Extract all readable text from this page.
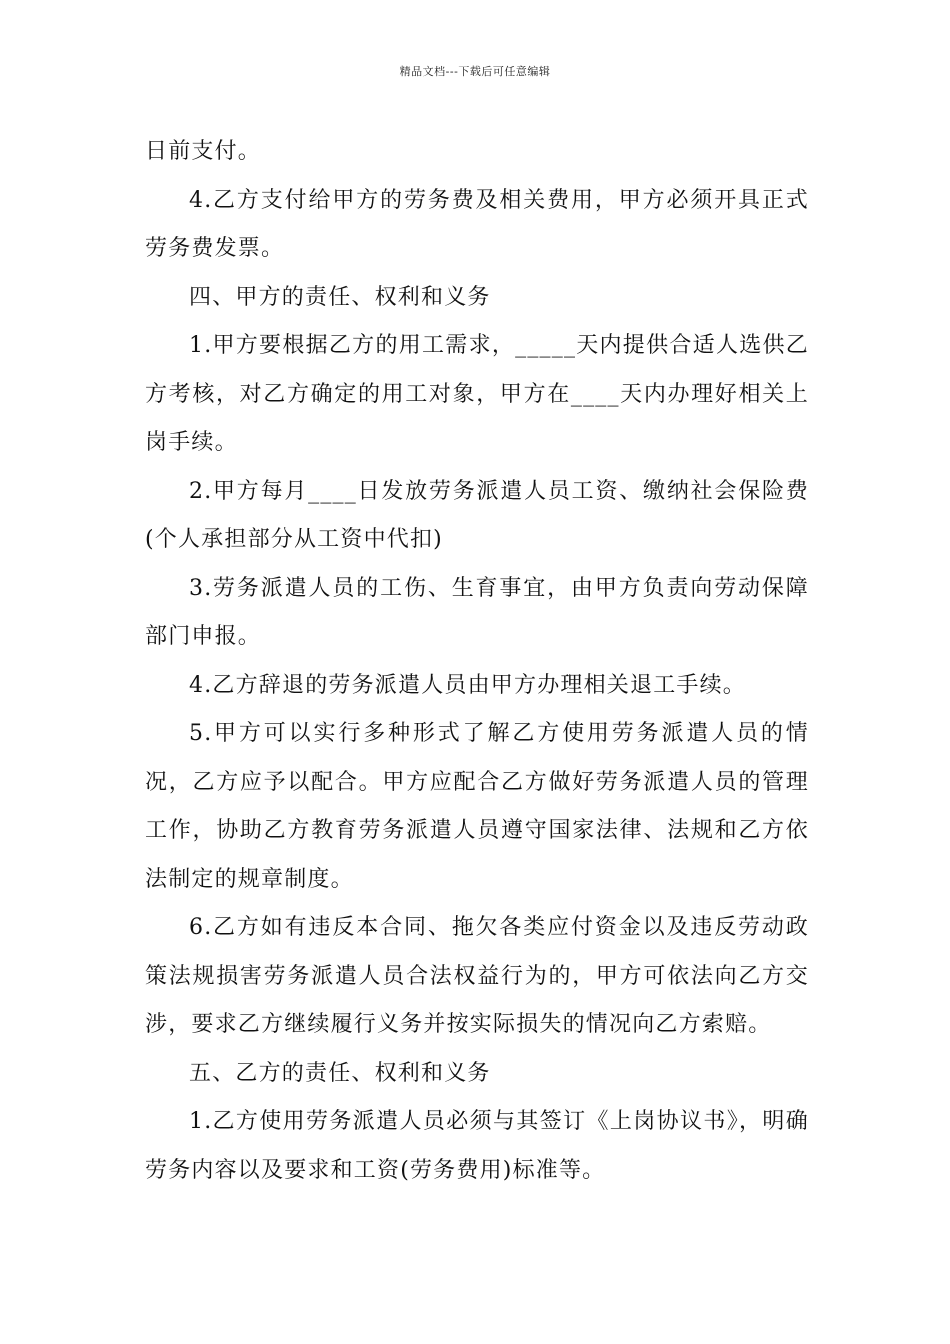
精品文档---下载后可任意编辑

日前支付。

4.乙方支付给甲方的劳务费及相关费用，甲方必须开具正式劳务费发票。

四、甲方的责任、权利和义务

1.甲方要根据乙方的用工需求，_____天内提供合适人选供乙方考核，对乙方确定的用工对象，甲方在____天内办理好相关上岗手续。

2.甲方每月____日发放劳务派遣人员工资、缴纳社会保险费(个人承担部分从工资中代扣)

3.劳务派遣人员的工伤、生育事宜，由甲方负责向劳动保障部门申报。

4.乙方辞退的劳务派遣人员由甲方办理相关退工手续。

5.甲方可以实行多种形式了解乙方使用劳务派遣人员的情况，乙方应予以配合。甲方应配合乙方做好劳务派遣人员的管理工作，协助乙方教育劳务派遣人员遵守国家法律、法规和乙方依法制定的规章制度。

6.乙方如有违反本合同、拖欠各类应付资金以及违反劳动政策法规损害劳务派遣人员合法权益行为的，甲方可依法向乙方交涉，要求乙方继续履行义务并按实际损失的情况向乙方索赔。

五、乙方的责任、权利和义务

1.乙方使用劳务派遣人员必须与其签订《上岗协议书》，明确劳务内容以及要求和工资(劳务费用)标准等。
